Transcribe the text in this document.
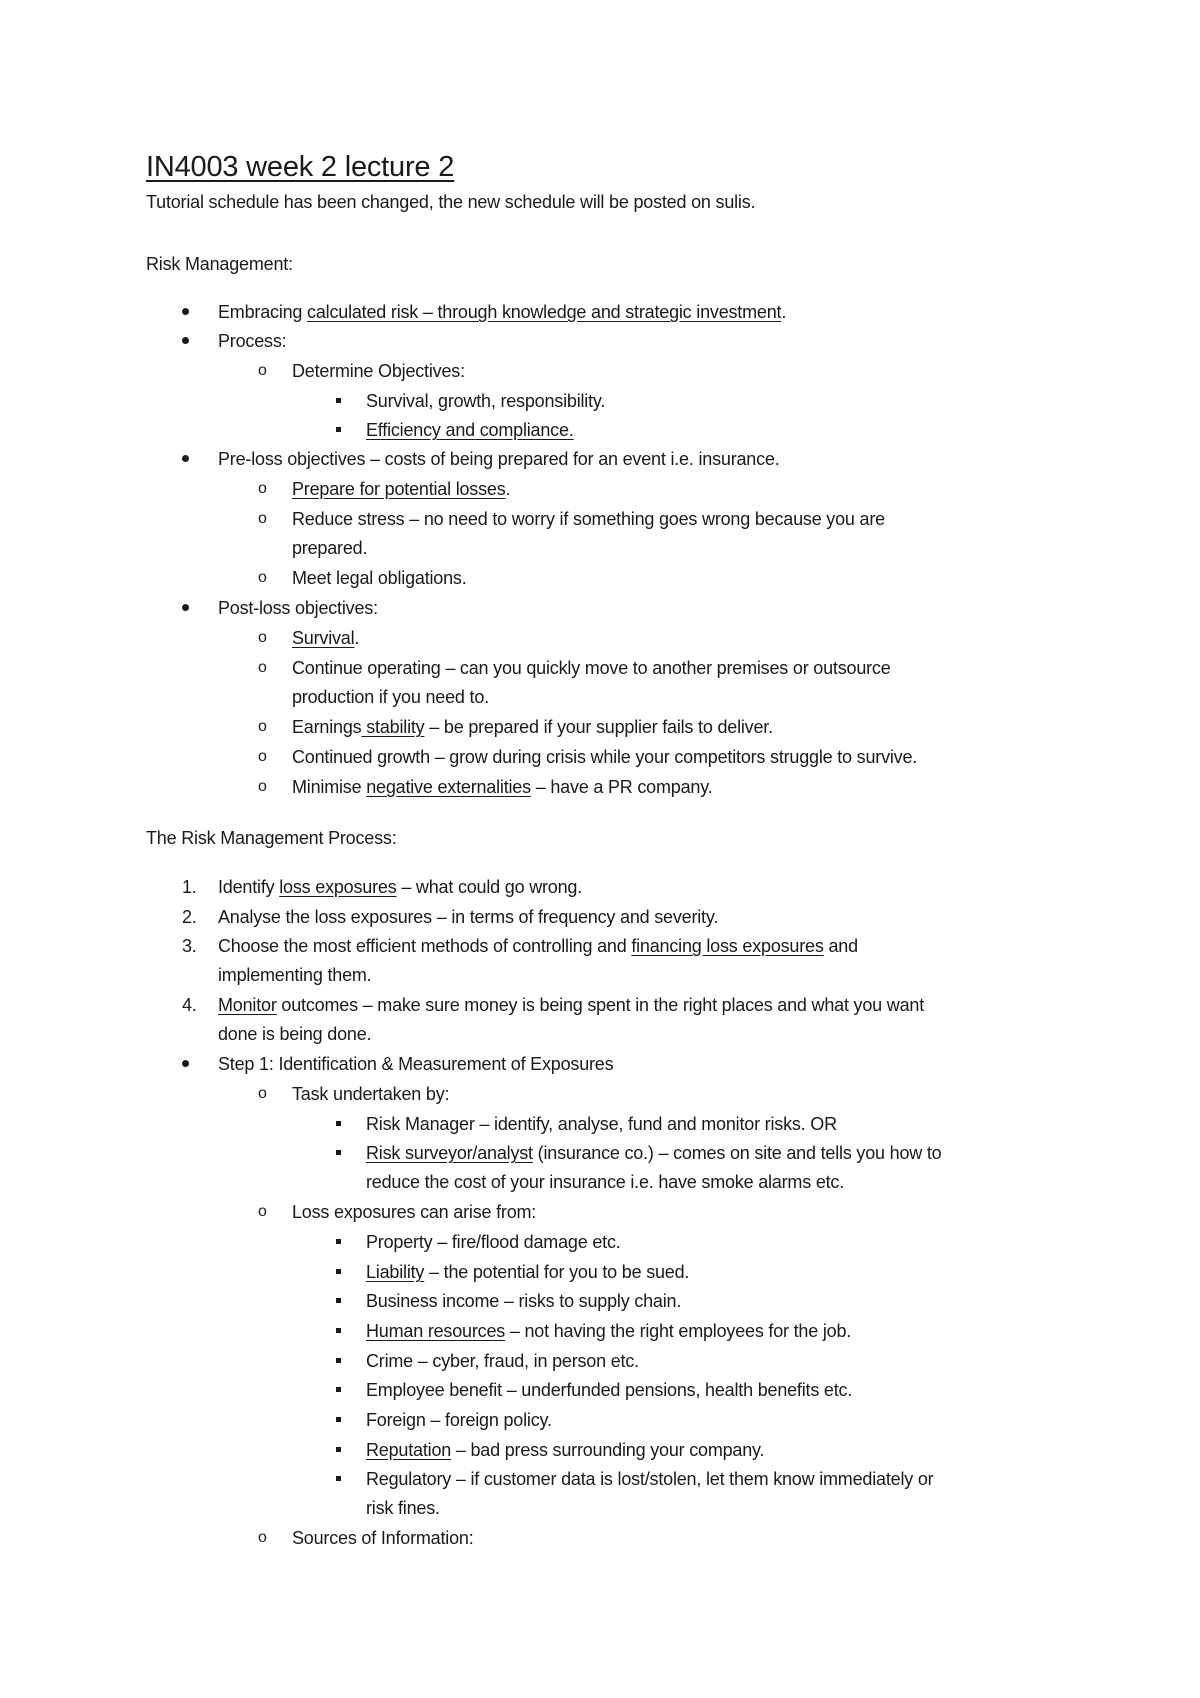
IN4003 week 2 lecture 2
Tutorial schedule has been changed, the new schedule will be posted on sulis.
Risk Management:
Embracing calculated risk – through knowledge and strategic investment.
Process:
o Determine Objectives:
Survival, growth, responsibility.
Efficiency and compliance.
Pre-loss objectives – costs of being prepared for an event i.e. insurance.
o Prepare for potential losses.
o Reduce stress – no need to worry if something goes wrong because you are
prepared.
o Meet legal obligations.
Post-loss objectives:
o Survival.
o Continue operating – can you quickly move to another premises or outsource
production if you need to.
o Earnings stability – be prepared if your supplier fails to deliver.
o Continued growth – grow during crisis while your competitors struggle to survive.
o Minimise negative externalities – have a PR company.
The Risk Management Process:
1. Identify loss exposures – what could go wrong.
2. Analyse the loss exposures – in terms of frequency and severity.
3. Choose the most efficient methods of controlling and financing loss exposures and
implementing them.
4. Monitor outcomes – make sure money is being spent in the right places and what you want
done is being done.
Step 1: Identification & Measurement of Exposures
o Task undertaken by:
Risk Manager – identify, analyse, fund and monitor risks. OR
Risk surveyor/analyst (insurance co.) – comes on site and tells you how to
reduce the cost of your insurance i.e. have smoke alarms etc.
o Loss exposures can arise from:
Property – fire/flood damage etc.
Liability – the potential for you to be sued.
Business income – risks to supply chain.
Human resources – not having the right employees for the job.
Crime – cyber, fraud, in person etc.
Employee benefit – underfunded pensions, health benefits etc.
Foreign – foreign policy.
Reputation – bad press surrounding your company.
Regulatory – if customer data is lost/stolen, let them know immediately or
risk fines.
o Sources of Information:
